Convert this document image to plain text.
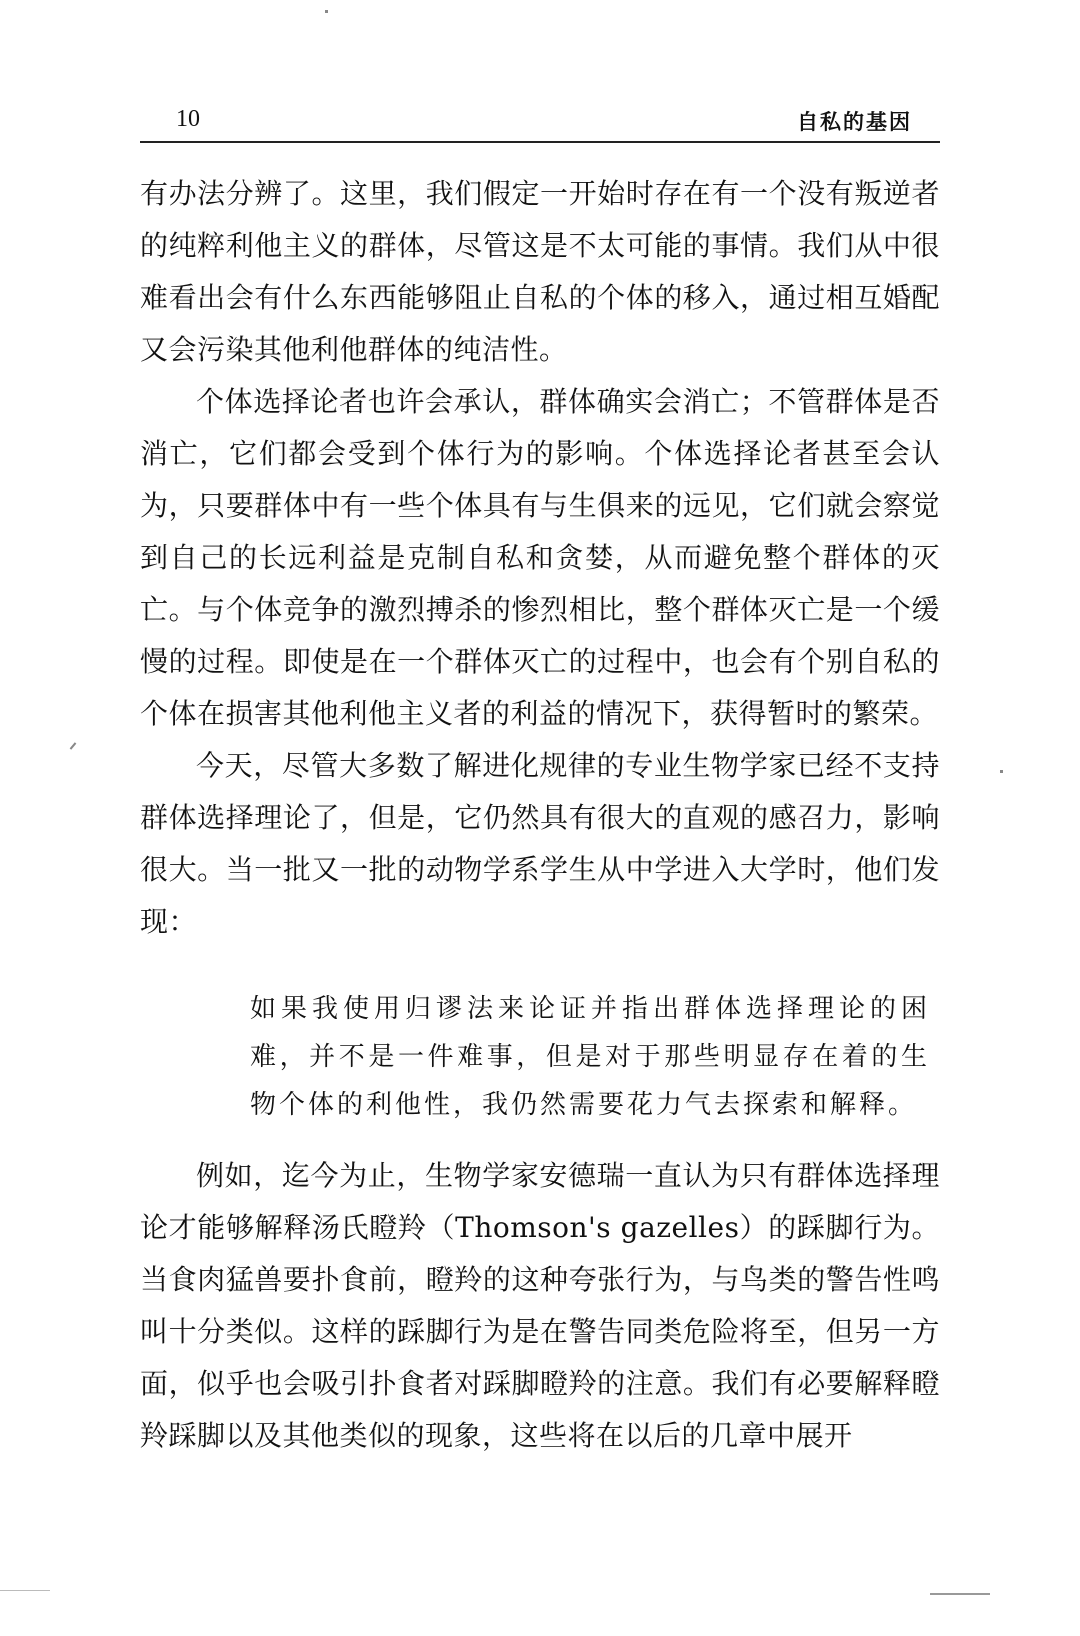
10	自私的基因

有办法分辨了。这里，我们假定一开始时存在有一个没有叛逆者的纯粹利他主义的群体，尽管这是不太可能的事情。我们从中很难看出会有什么东西能够阻止自私的个体的移入，通过相互婚配又会污染其他利他群体的纯洁性。

个体选择论者也许会承认，群体确实会消亡；不管群体是否消亡，它们都会受到个体行为的影响。个体选择论者甚至会认为，只要群体中有一些个体具有与生俱来的远见，它们就会察觉到自己的长远利益是克制自私和贪婪，从而避免整个群体的灭亡。与个体竞争的激烈搏杀的惨烈相比，整个群体灭亡是一个缓慢的过程。即使是在一个群体灭亡的过程中，也会有个别自私的个体在损害其他利他主义者的利益的情况下，获得暂时的繁荣。

今天，尽管大多数了解进化规律的专业生物学家已经不支持群体选择理论了，但是，它仍然具有很大的直观的感召力，影响很大。当一批又一批的动物学系学生从中学进入大学时，他们发现：

如果我使用归谬法来论证并指出群体选择理论的困难，并不是一件难事，但是对于那些明显存在着的生物个体的利他性，我仍然需要花力气去探索和解释。

例如，迄今为止，生物学家安德瑞一直认为只有群体选择理论才能够解释汤氏瞪羚（Thomson's gazelles）的踩脚行为。当食肉猛兽要扑食前，瞪羚的这种夸张行为，与鸟类的警告性鸣叫十分类似。这样的踩脚行为是在警告同类危险将至，但另一方面，似乎也会吸引扑食者对踩脚瞪羚的注意。我们有必要解释瞪羚踩脚以及其他类似的现象，这些将在以后的几章中展开
